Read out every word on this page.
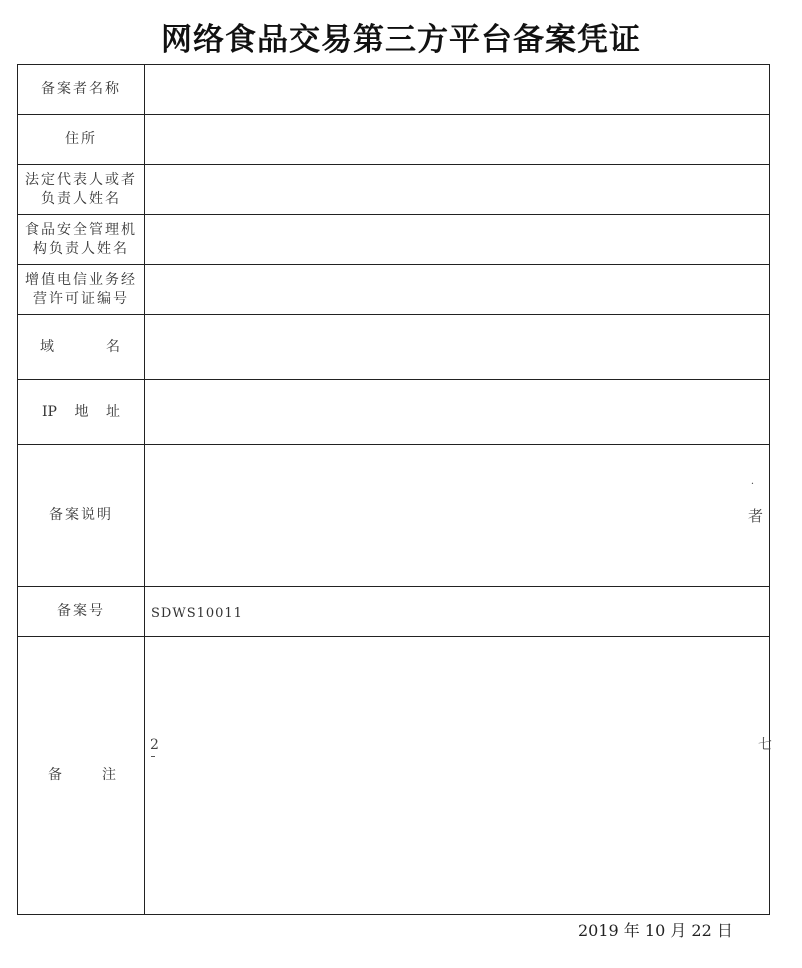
网络食品交易第三方平台备案凭证
备案者名称	

住所	

法定代表人或者
负责人姓名	

食品安全管理机
构负责人姓名	

增值电信业务经
营许可证编号	

域 名	

IP 地 址	

备案说明	.
者

备案号	SDWS10011

备 注	2 七
2019 年 10 月 22 日
